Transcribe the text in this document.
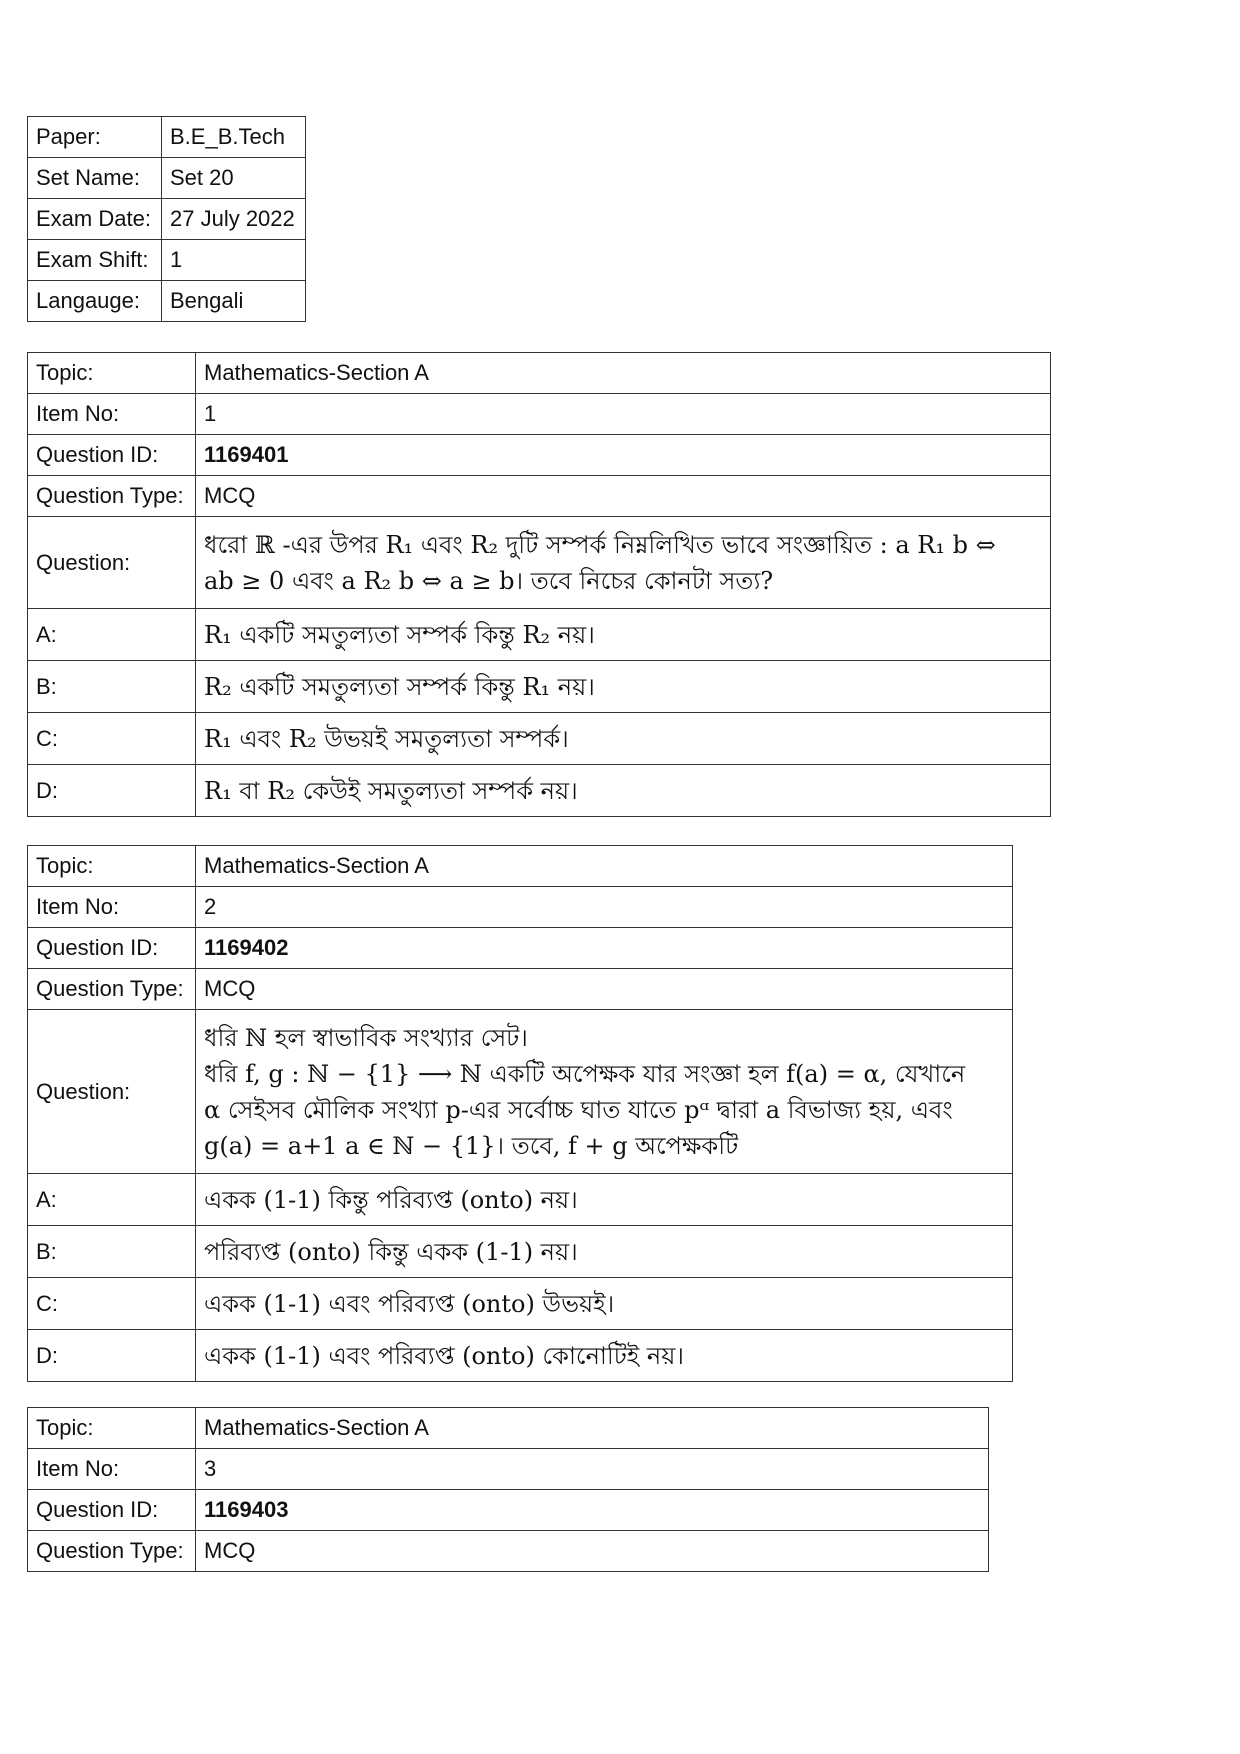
Paper:	B.E_B.Tech
Set Name:	Set 20
Exam Date:	27 July 2022
Exam Shift:	1
Langauge:	Bengali
Topic:	Mathematics-Section A
Item No:	1
Question ID:	1169401
Question Type:	MCQ
Question:	ধরো ℝ -এর উপর R₁ এবং R₂ দুটি সম্পর্ক নিম্নলিখিত ভাবে সংজ্ঞায়িত : a R₁ b ⇔
ab ≥ 0 এবং a R₂ b ⇔ a ≥ b। তবে নিচের কোনটা সত্য?

A:	R₁ একটি সমতুল্যতা সম্পর্ক কিন্তু R₂ নয়।
B:	R₂ একটি সমতুল্যতা সম্পর্ক কিন্তু R₁ নয়।
C:	R₁ এবং R₂ উভয়ই সমতুল্যতা সম্পর্ক।
D:	R₁ বা R₂ কেউই সমতুল্যতা সম্পর্ক নয়।
Topic:	Mathematics-Section A
Item No:	2
Question ID:	1169402
Question Type:	MCQ
Question:	ধরি ℕ হল স্বাভাবিক সংখ্যার সেট।
ধরি f, g : ℕ − {1} ⟶ ℕ একটি অপেক্ষক যার সংজ্ঞা হল f(a) = α, যেখানে
α সেইসব মৌলিক সংখ্যা p-এর সর্বোচ্চ ঘাত যাতে pᵅ দ্বারা a বিভাজ্য হয়, এবং
g(a) = a+1 a ∈ ℕ − {1}। তবে, f + g অপেক্ষকটি

A:	একক (1-1) কিন্তু পরিব্যপ্ত (onto) নয়।
B:	পরিব্যপ্ত (onto) কিন্তু একক (1-1) নয়।
C:	একক (1-1) এবং পরিব্যপ্ত (onto) উভয়ই।
D:	একক (1-1) এবং পরিব্যপ্ত (onto) কোনোটিই নয়।
Topic:	Mathematics-Section A
Item No:	3
Question ID:	1169403
Question Type:	MCQ
